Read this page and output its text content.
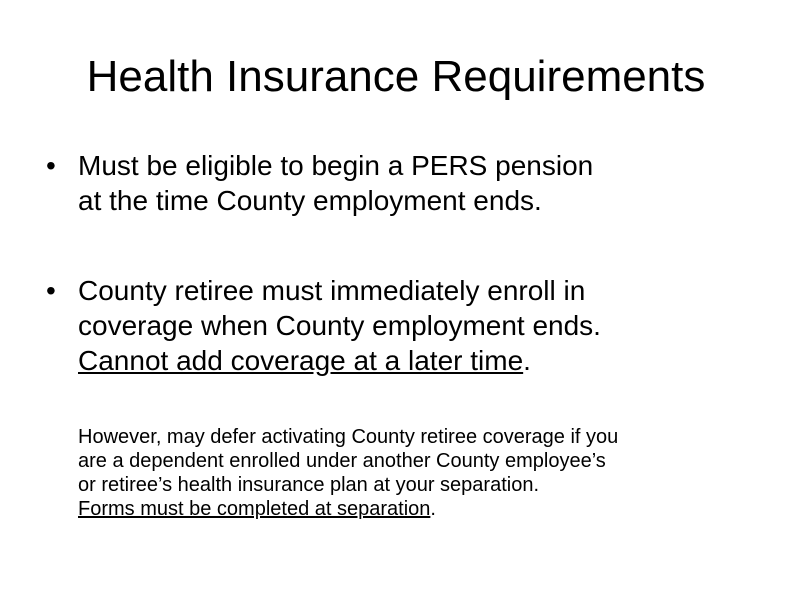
Health Insurance Requirements
• Must be eligible to begin a PERS pension
at the time County employment ends.
• County retiree must immediately enroll in
coverage when County employment ends.
Cannot add coverage at a later time.
However, may defer activating County retiree coverage if you
are a dependent enrolled under another County employee’s
or retiree’s health insurance plan at your separation.
Forms must be completed at separation.
